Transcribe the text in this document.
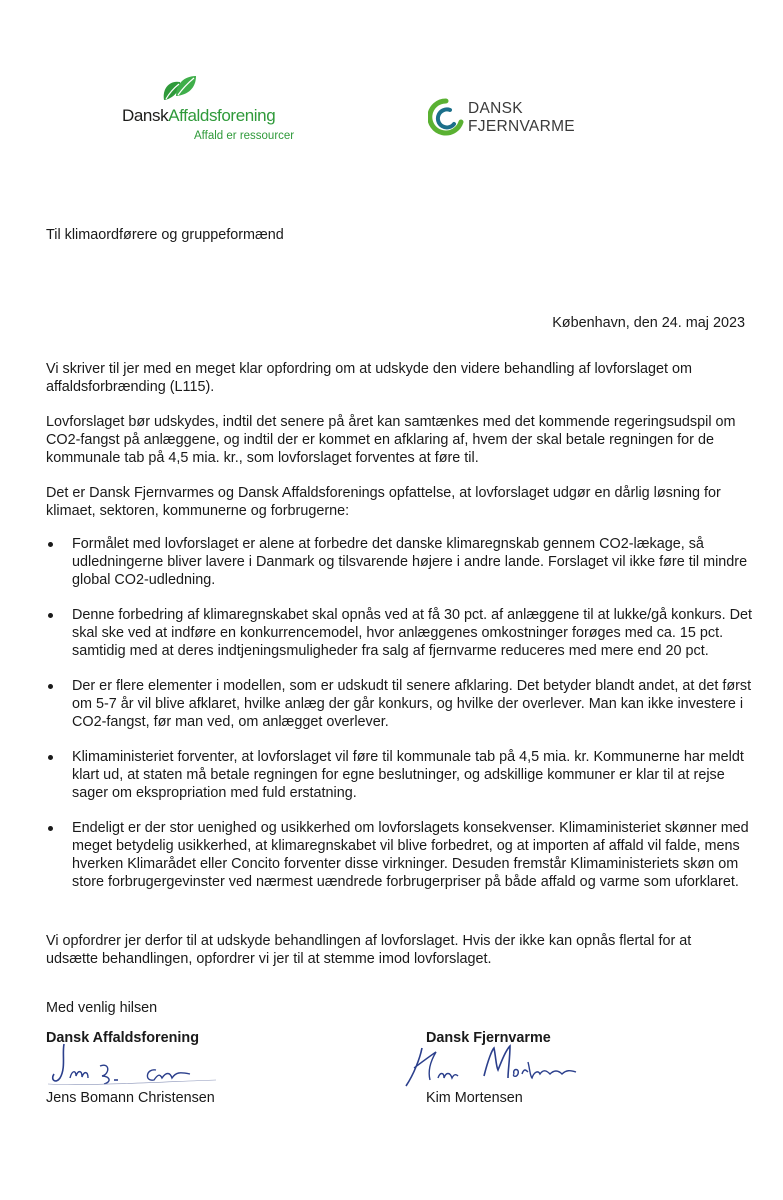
DanskAffaldsforening
Affald er ressourcer
DANSK
FJERNVARME
Til klimaordførere og gruppeformænd
København, den 24. maj 2023
Vi skriver til jer med en meget klar opfordring om at udskyde den videre behandling af lovforslaget om affaldsforbrænding (L115).
Lovforslaget bør udskydes, indtil det senere på året kan samtænkes med det kommende regeringsudspil om CO2-fangst på anlæggene, og indtil der er kommet en afklaring af, hvem der skal betale regningen for de kommunale tab på 4,5 mia. kr., som lovforslaget forventes at føre til.
Det er Dansk Fjernvarmes og Dansk Affaldsforenings opfattelse, at lovforslaget udgør en dårlig løsning for klimaet, sektoren, kommunerne og forbrugerne:
Formålet med lovforslaget er alene at forbedre det danske klimaregnskab gennem CO2-lækage, så udledningerne bliver lavere i Danmark og tilsvarende højere i andre lande. Forslaget vil ikke føre til mindre global CO2-udledning.
Denne forbedring af klimaregnskabet skal opnås ved at få 30 pct. af anlæggene til at lukke/gå konkurs. Det skal ske ved at indføre en konkurrencemodel, hvor anlæggenes omkostninger forøges med ca. 15 pct. samtidig med at deres indtjeningsmuligheder fra salg af fjernvarme reduceres med mere end 20 pct.
Der er flere elementer i modellen, som er udskudt til senere afklaring. Det betyder blandt andet, at det først om 5-7 år vil blive afklaret, hvilke anlæg der går konkurs, og hvilke der overlever. Man kan ikke investere i CO2-fangst, før man ved, om anlægget overlever.
Klimaministeriet forventer, at lovforslaget vil føre til kommunale tab på 4,5 mia. kr. Kommunerne har meldt klart ud, at staten må betale regningen for egne beslutninger, og adskillige kommuner er klar til at rejse sager om ekspropriation med fuld erstatning.
Endeligt er der stor uenighed og usikkerhed om lovforslagets konsekvenser. Klimaministeriet skønner med meget betydelig usikkerhed, at klimaregnskabet vil blive forbedret, og at importen af affald vil falde, mens hverken Klimarådet eller Concito forventer disse virkninger. Desuden fremstår Klimaministeriets skøn om store forbrugergevinster ved nærmest uændrede forbrugerpriser på både affald og varme som uforklaret.
Vi opfordrer jer derfor til at udskyde behandlingen af lovforslaget. Hvis der ikke kan opnås flertal for at udsætte behandlingen, opfordrer vi jer til at stemme imod lovforslaget.
Med venlig hilsen
Dansk Affaldsforening	Dansk Fjernvarme
Jens Bomann Christensen	Kim Mortensen
